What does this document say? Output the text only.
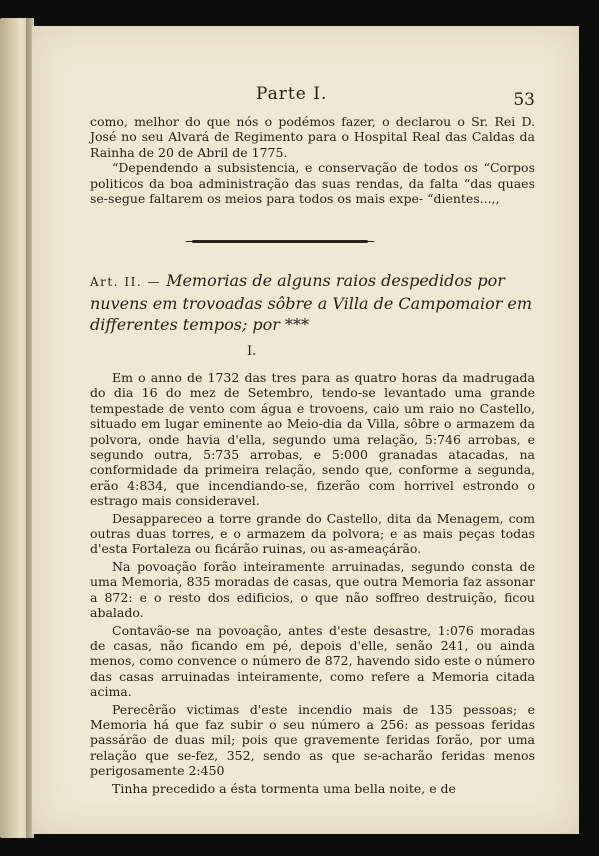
Parte I.	53

como, melhor do que nós o podémos fazer, o declarou o Sr. Rei D. José no seu Alvará de Regimento para o Hospital Real das Caldas da Rainha de 20 de Abril de 1775.

“Dependendo a subsistencia, e conservação de todos os “Corpos politicos da boa administração das suas rendas, da falta “das quaes se-segue faltarem os meios para todos os mais expe- “dientes...,,

Art. II. — Memorias de alguns raios despedidos por nuvens em trovoadas sôbre a Villa de Campomaior em differentes tempos; por ***
I.

Em o anno de 1732 das tres para as quatro horas da madrugada do dia 16 do mez de Setembro, tendo-se levantado uma grande tempestade de vento com água e trovoens, caio um raio no Castello, situado em lugar eminente ao Meio-dia da Villa, sôbre o armazem da polvora, onde havia d'ella, segundo uma relação, 5:746 arrobas, e segundo outra, 5:735 arrobas, e 5:000 granadas atacadas, na conformidade da primeira relação, sendo que, conforme a segunda, erão 4:834, que incendiando-se, fizerão com horrivel estrondo o estrago mais consideravel.

Desappareceo a torre grande do Castello, dita da Menagem, com outras duas torres, e o armazem da polvora; e as mais peças todas d'esta Fortaleza ou ficárão ruinas, ou as-ameaçárão.

Na povoação forão inteiramente arruinadas, segundo consta de uma Memoria, 835 moradas de casas, que outra Memoria faz assonar a 872: e o resto dos edificios, o que não soffreo destruição, ficou abalado.

Contavão-se na povoação, antes d'este desastre, 1:076 moradas de casas, não ficando em pé, depois d'elle, senão 241, ou ainda menos, como convence o número de 872, havendo sido este o número das casas arruinadas inteiramente, como refere a Memoria citada acima.

Perecêrão victimas d'este incendio mais de 135 pessoas; e Memoria há que faz subir o seu número a 256: as pessoas feridas passárão de duas mil; pois que gravemente feridas forão, por uma relação que se-fez, 352, sendo as que se-acharão feridas menos perigosamente 2:450

Tinha precedido a ésta tormenta uma bella noite, e de
